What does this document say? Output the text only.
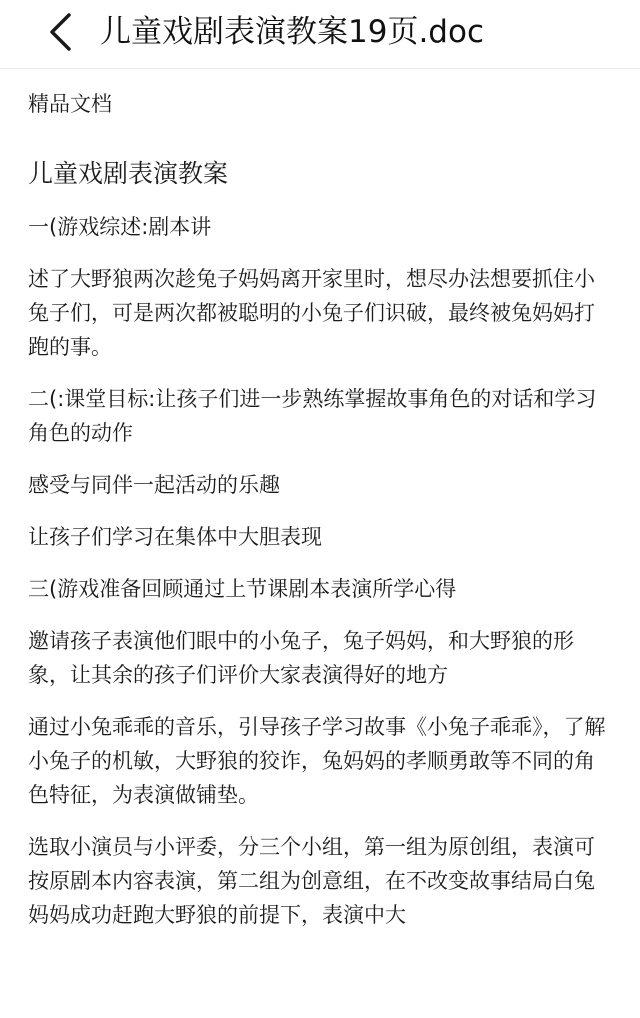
儿童戏剧表演教案19页.doc

精品文档

儿童戏剧表演教案

一(游戏综述:剧本讲

述了大野狼两次趁兔子妈妈离开家里时，想尽办法想要抓住小兔子们，可是两次都被聪明的小兔子们识破，最终被兔妈妈打跑的事。

二(:课堂目标:让孩子们进一步熟练掌握故事角色的对话和学习角色的动作

感受与同伴一起活动的乐趣

让孩子们学习在集体中大胆表现

三(游戏准备回顾通过上节课剧本表演所学心得

邀请孩子表演他们眼中的小兔子，兔子妈妈，和大野狼的形象，让其余的孩子们评价大家表演得好的地方

通过小兔乖乖的音乐，引导孩子学习故事《小兔子乖乖》，了解小兔子的机敏，大野狼的狡诈，兔妈妈的孝顺勇敢等不同的角色特征，为表演做铺垫。

选取小演员与小评委，分三个小组，第一组为原创组，表演可按原剧本内容表演，第二组为创意组，在不改变故事结局白兔妈妈成功赶跑大野狼的前提下，表演中大
